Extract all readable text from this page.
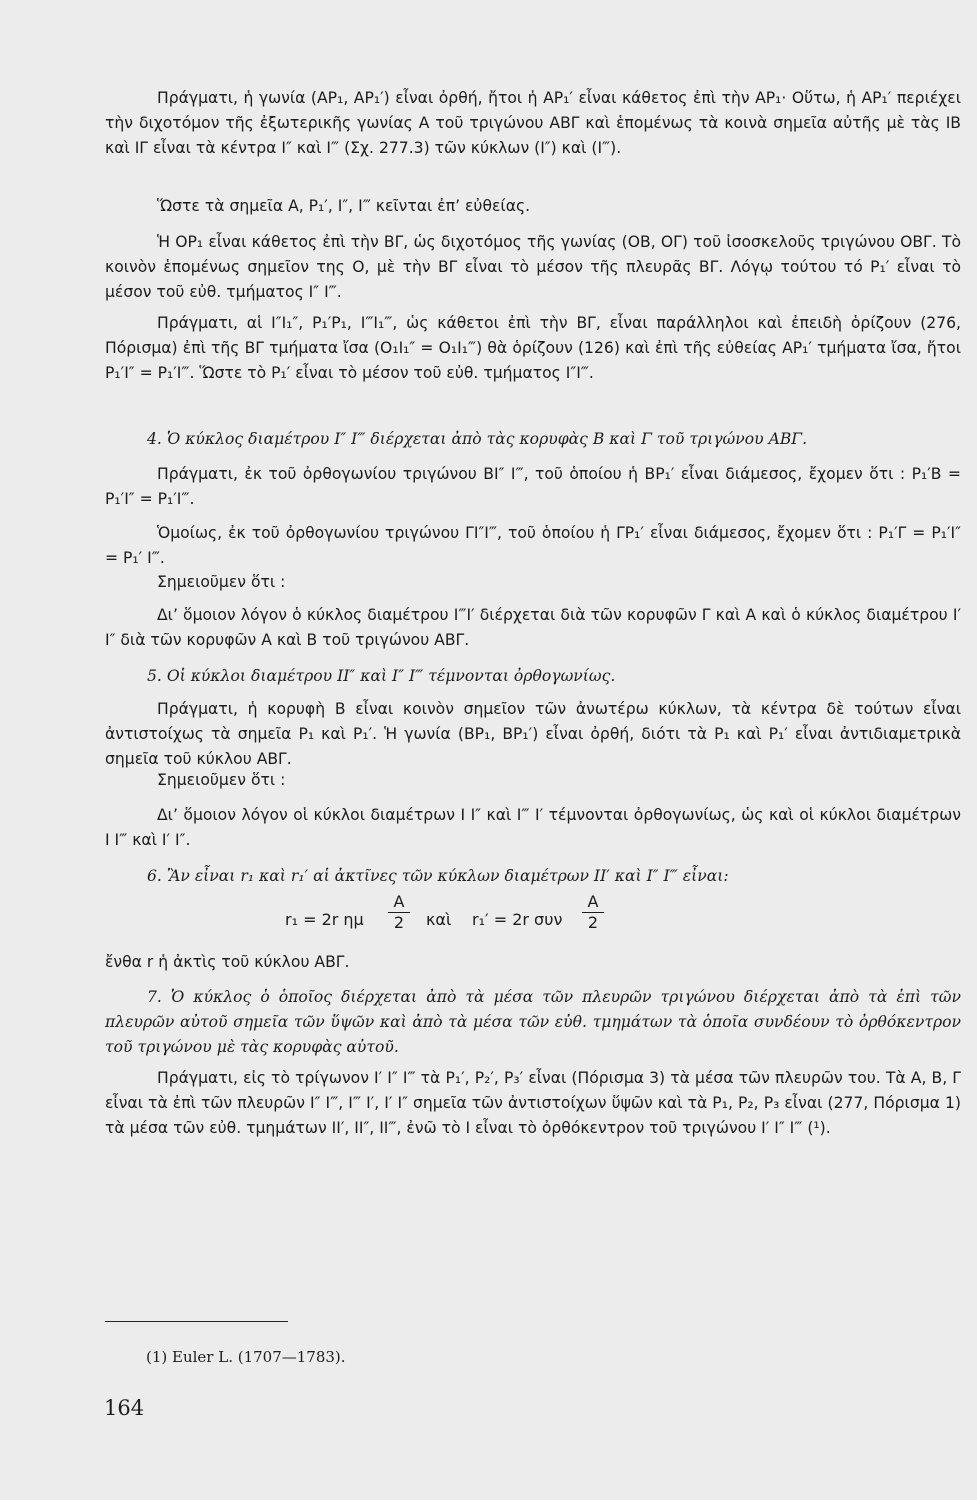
Πράγματι, ἡ γωνία (ΑΡ₁, ΑΡ₁′) εἶναι ὀρθή, ἤτοι ἡ ΑΡ₁′ εἶναι κάθετος ἐπὶ τὴν ΑΡ₁· Οὕτω, ἡ ΑΡ₁′ περιέχει τὴν διχοτόμον τῆς ἐξωτερικῆς γωνίας Α τοῦ τριγώνου ΑΒΓ καὶ ἑπομένως τὰ κοινὰ σημεῖα αὐτῆς μὲ τὰς ΙΒ καὶ ΙΓ εἶναι τὰ κέντρα Ι″ καὶ Ι‴ (Σχ. 277.3) τῶν κύκλων (Ι″) καὶ (Ι‴).

Ὥστε τὰ σημεῖα Α, Ρ₁′, Ι″, Ι‴ κεῖνται ἐπ’ εὐθείας.

Ἡ ΟΡ₁ εἶναι κάθετος ἐπὶ τὴν ΒΓ, ὡς διχοτόμος τῆς γωνίας (ΟΒ, ΟΓ) τοῦ ἰσοσκελοῦς τριγώνου ΟΒΓ. Τὸ κοινὸν ἑπομένως σημεῖον της Ο, μὲ τὴν ΒΓ εἶναι τὸ μέσον τῆς πλευρᾶς ΒΓ. Λόγῳ τούτου τό Ρ₁′ εἶναι τὸ μέσον τοῦ εὐθ. τμήματος Ι″ Ι‴.

Πράγματι, αἱ Ι″Ι₁″, Ρ₁′Ρ₁, Ι‴Ι₁‴, ὡς κάθετοι ἐπὶ τὴν ΒΓ, εἶναι παράλληλοι καὶ ἐπειδὴ ὁρίζουν (276, Πόρισμα) ἐπὶ τῆς ΒΓ τμήματα ἴσα (Ο₁Ι₁″ = Ο₁Ι₁‴) θὰ ὁρίζουν (126) καὶ ἐπὶ τῆς εὐθείας ΑΡ₁′ τμήματα ἴσα, ἤτοι Ρ₁′Ι″ = Ρ₁′Ι‴. Ὥστε τὸ Ρ₁′ εἶναι τὸ μέσον τοῦ εὐθ. τμήματος Ι″Ι‴.

4. Ὁ κύκλος διαμέτρου Ι″ Ι‴ διέρχεται ἀπὸ τὰς κορυφὰς Β καὶ Γ τοῦ τριγώνου ΑΒΓ.

Πράγματι, ἐκ τοῦ ὀρθογωνίου τριγώνου ΒΙ″ Ι‴, τοῦ ὁποίου ἡ ΒΡ₁′ εἶναι διάμεσος, ἔχομεν ὅτι : Ρ₁′Β = Ρ₁′Ι″ = Ρ₁′Ι‴.

Ὁμοίως, ἐκ τοῦ ὀρθογωνίου τριγώνου ΓΙ″Ι‴, τοῦ ὁποίου ἡ ΓΡ₁′ εἶναι διάμεσος, ἔχομεν ὅτι : Ρ₁′Γ = Ρ₁′Ι″ = Ρ₁′ Ι‴.

Σημειοῦμεν ὅτι :

Δι’ ὅμοιον λόγον ὁ κύκλος διαμέτρου Ι‴Ι′ διέρχεται διὰ τῶν κορυφῶν Γ καὶ Α καὶ ὁ κύκλος διαμέτρου Ι′ Ι″ διὰ τῶν κορυφῶν Α καὶ Β τοῦ τριγώνου ΑΒΓ.

5. Οἱ κύκλοι διαμέτρου ΙΙ″ καὶ Ι″ Ι‴ τέμνονται ὀρθογωνίως.

Πράγματι, ἡ κορυφὴ Β εἶναι κοινὸν σημεῖον τῶν ἀνωτέρω κύκλων, τὰ κέντρα δὲ τούτων εἶναι ἀντιστοίχως τὰ σημεῖα Ρ₁ καὶ Ρ₁′. Ἡ γωνία (ΒΡ₁, ΒΡ₁′) εἶναι ὀρθή, διότι τὰ Ρ₁ καὶ Ρ₁′ εἶναι ἀντιδιαμετρικὰ σημεῖα τοῦ κύκλου ΑΒΓ.

Σημειοῦμεν ὅτι :

Δι’ ὅμοιον λόγον οἱ κύκλοι διαμέτρων Ι Ι″ καὶ Ι‴ Ι′ τέμνονται ὀρθογωνίως, ὡς καὶ οἱ κύκλοι διαμέτρων Ι Ι‴ καὶ Ι′ Ι″.

6. Ἂν εἶναι r₁ καὶ r₁′ αἱ ἀκτῖνες τῶν κύκλων διαμέτρων ΙΙ′ καὶ Ι″ Ι‴ εἶναι:

r₁ = 2r ημ
Α
2	καὶ r₁′ = 2r συν
Α
2

ἔνθα r ἡ ἀκτὶς τοῦ κύκλου ΑΒΓ.

7. Ὁ κύκλος ὁ ὁποῖος διέρχεται ἀπὸ τὰ μέσα τῶν πλευρῶν τριγώνου διέρχεται ἀπὸ τὰ ἐπὶ τῶν πλευρῶν αὐτοῦ σημεῖα τῶν ὕψῶν καὶ ἀπὸ τὰ μέσα τῶν εὐθ. τμημάτων τὰ ὁποῖα συνδέουν τὸ ὀρθόκεντρον τοῦ τριγώνου μὲ τὰς κορυφὰς αὐτοῦ.

Πράγματι, εἰς τὸ τρίγωνον Ι′ Ι″ Ι‴ τὰ Ρ₁′, Ρ₂′, Ρ₃′ εἶναι (Πόρισμα 3) τὰ μέσα τῶν πλευρῶν του. Τὰ Α, Β, Γ εἶναι τὰ ἐπὶ τῶν πλευρῶν Ι″ Ι‴, Ι‴ Ι′, Ι′ Ι″ σημεῖα τῶν ἀντιστοίχων ὕψῶν καὶ τὰ Ρ₁, Ρ₂, Ρ₃ εἶναι (277, Πόρισμα 1) τὰ μέσα τῶν εὐθ. τμημάτων ΙΙ′, ΙΙ″, ΙΙ‴, ἐνῶ τὸ Ι εἶναι τὸ ὀρθόκεντρον τοῦ τριγώνου Ι′ Ι″ Ι‴ (¹).

(1) Euler L. (1707—1783).
164
